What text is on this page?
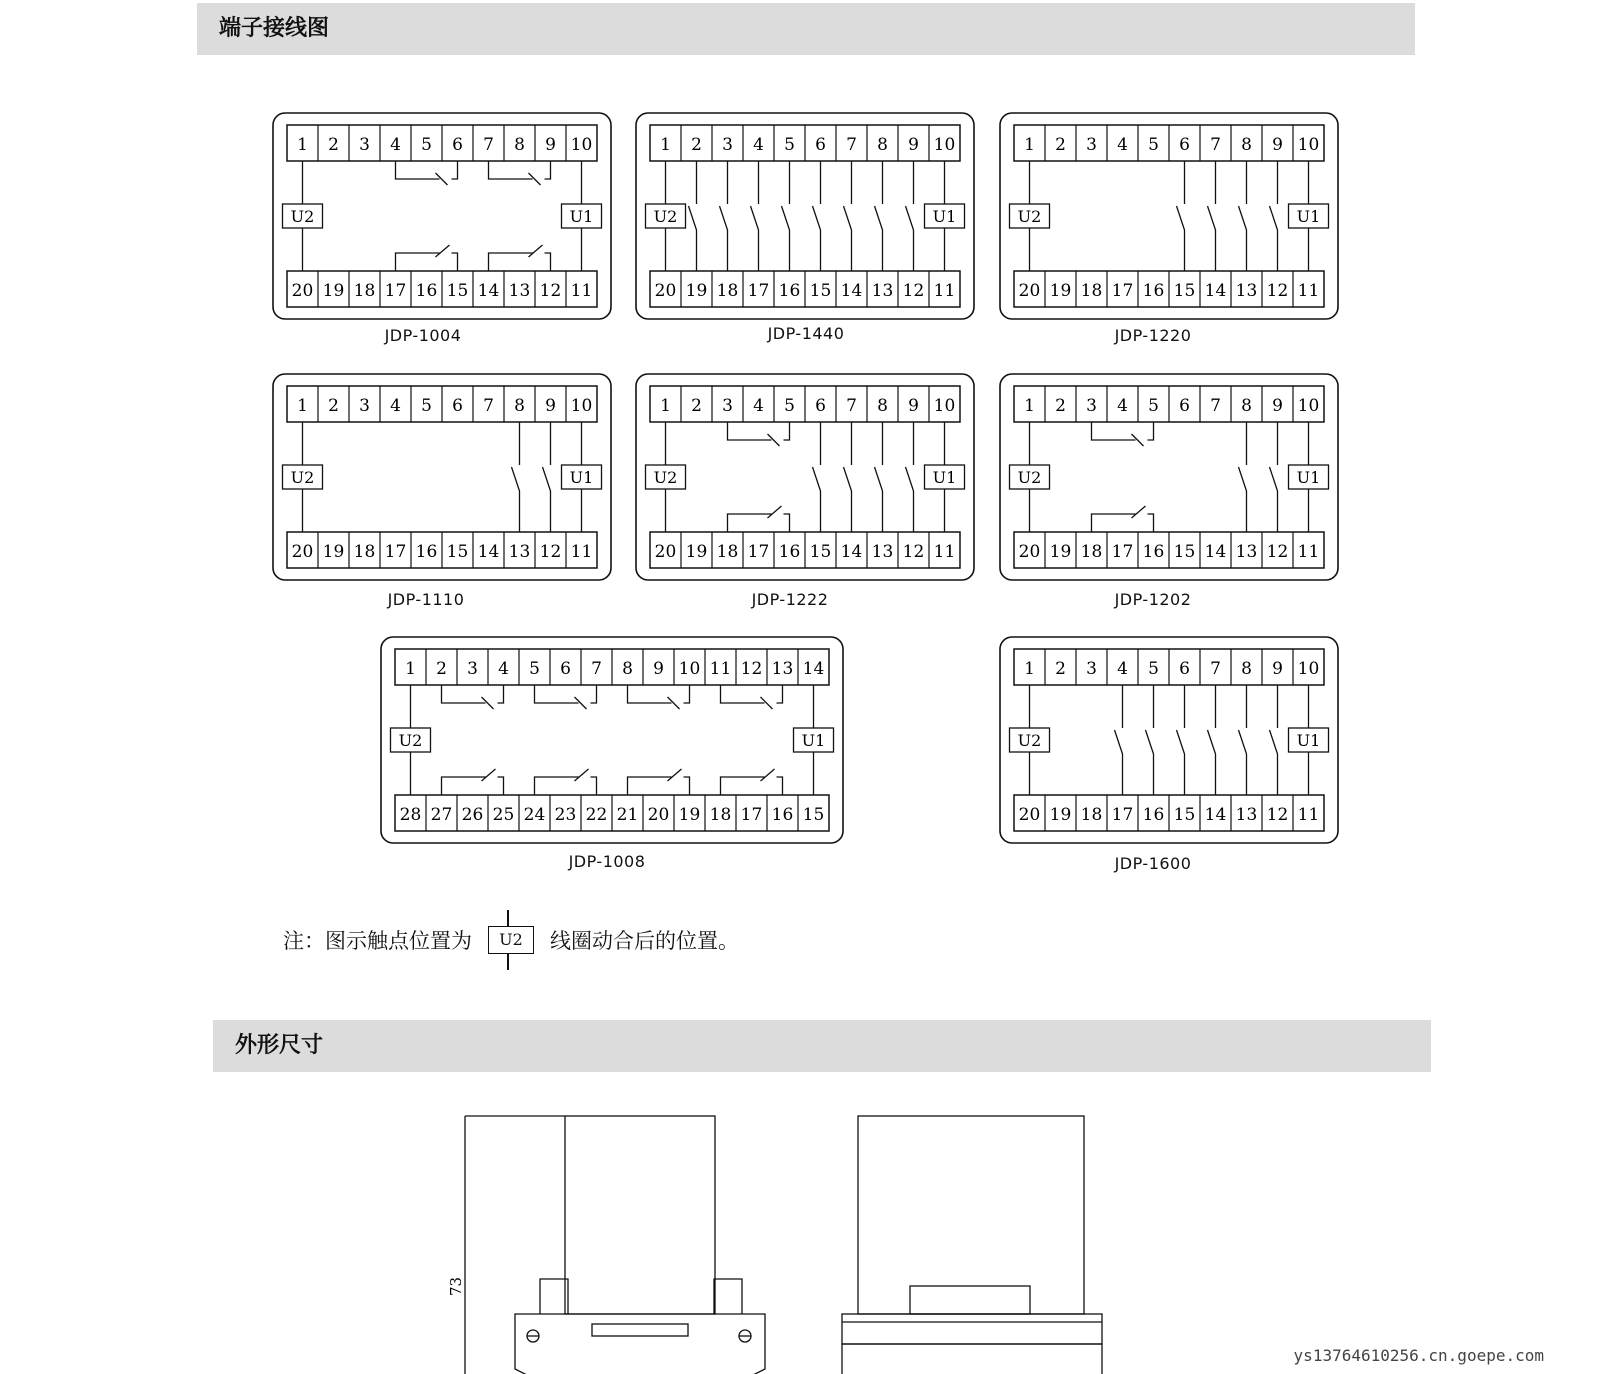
端子接线图
1
20
2
19
3
18
4
17
5
16
6
15
7
14
8
13
9
12
10
11
U2	U1
1
20
2
19
3
18
4
17
5
16
6
15
7
14
8
13
9
12
10
11
U2	U1
1
20
2
19
3
18
4
17
5
16
6
15
7
14
8
13
9
12
10
11
U2	U1
1
20
2
19
3
18
4
17
5
16
6
15
7
14
8
13
9
12
10
11
U2	U1
1
20
2
19
3
18
4
17
5
16
6
15
7
14
8
13
9
12
10
11
U2	U1
1
20
2
19
3
18
4
17
5
16
6
15
7
14
8
13
9
12
10
11
U2	U1
1
28
2
27
3
26
4
25
5
24
6
23
7
22
8
21
9
20
10
19
11
18
12
17
13
16
14
15
U2	U1
1
20
2
19
3
18
4
17
5
16
6
15
7
14
8
13
9
12
10
11
U2	U1
JDP-1004	JDP-1440	JDP-1220
JDP-1110	JDP-1222	JDP-1202
JDP-1008	JDP-1600
注：图示触点位置为	U2	线圈动合后的位置。
外形尺寸
73
ys13764610256.cn.goepe.com
